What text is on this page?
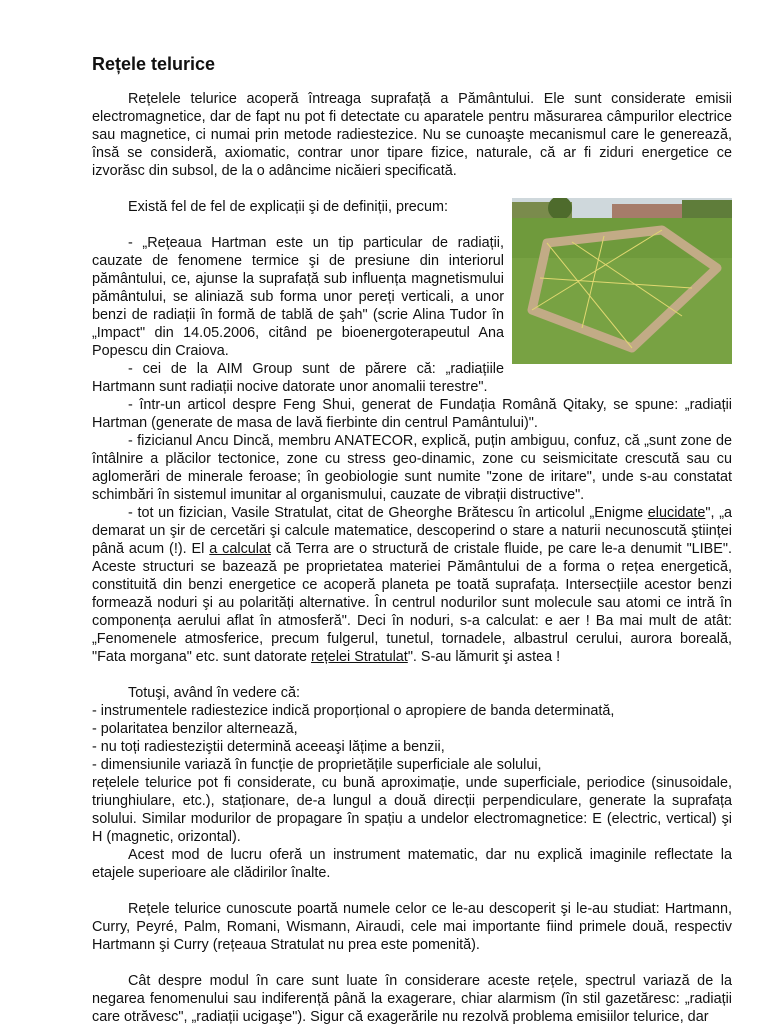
Rețele telurice

Rețelele telurice acoperă întreaga suprafață a Pământului. Ele sunt considerate emisii electromagnetice, dar de fapt nu pot fi detectate cu aparatele pentru măsurarea câmpurilor electrice sau magnetice, ci numai prin metode radiestezice. Nu se cunoaşte mecanismul care le generează, însă se consideră, axiomatic, contrar unor tipare fizice, naturale, că ar fi ziduri energetice ce izvorăsc din subsol, de la o adâncime nicăieri specificată.

Există fel de fel de explicații şi de definiții, precum:

- „Rețeaua Hartman este un tip particular de radiații, cauzate de fenomene termice şi de presiune din interiorul pământului, ce, ajunse la suprafață sub influența magnetismului pământului, se aliniază sub forma unor pereți verticali, a unor benzi de radiații în formă de tablă de şah" (scrie Alina Tudor în „Impact" din 14.05.2006, citând pe bioenergoterapeutul Ana Popescu din Craiova.

- cei de la AIM Group sunt de părere că: „radiațiile Hartmann sunt radiații nocive datorate unor anomalii terestre".

- într-un articol despre Feng Shui, generat de Fundația Română Qitaky, se spune: „radiații Hartman (generate de masa de lavă fierbinte din centrul Pamântului)".

- fizicianul Ancu Dincă, membru ANATECOR, explică, puțin ambiguu, confuz, că „sunt zone de întâlnire a plăcilor tectonice, zone cu stress geo-dinamic, zone cu seismicitate crescută sau cu aglomerări de minerale feroase; în geobiologie sunt numite "zone de iritare", unde s-au constatat schimbări în sistemul imunitar al organismului, cauzate de vibrații distructive".

- tot un fizician, Vasile Stratulat, citat de Gheorghe Brătescu în articolul „Enigme elucidate", „a demarat un şir de cercetări şi calcule matematice, descoperind o stare a naturii necunoscută ştiinței până acum (!). El a calculat că Terra are o structură de cristale fluide, pe care le-a denumit "LIBE". Aceste structuri se bazează pe proprietatea materiei Pământului de a forma o rețea energetică, constituită din benzi energetice ce acoperă planeta pe toată suprafața. Intersecțiile acestor benzi formează noduri şi au polarități alternative. În centrul nodurilor sunt molecule sau atomi ce intră în componența aerului aflat în atmosferă". Deci în noduri, s-a calculat: e aer ! Ba mai mult de atât: „Fenomenele atmosferice, precum fulgerul, tunetul, tornadele, albastrul cerului, aurora boreală, "Fata morgana" etc. sunt datorate rețelei Stratulat". S-au lămurit şi astea !

Totuşi, având în vedere că:

- instrumentele radiestezice indică proporțional o apropiere de banda determinată,

- polaritatea benzilor alternează,

- nu toți radiesteziştii determină aceeaşi lățime a benzii,

- dimensiunile variază în funcție de proprietățile superficiale ale solului,

rețelele telurice pot fi considerate, cu bună aproximație, unde superficiale, periodice (sinusoidale, triunghiulare, etc.), staționare, de-a lungul a două direcții perpendiculare, generate la suprafața solului. Similar modurilor de propagare în spațiu a undelor electromagnetice: E (electric, vertical) şi H (magnetic, orizontal).

Acest mod de lucru oferă un instrument matematic, dar nu explică imaginile reflectate la etajele superioare ale clădirilor înalte.

Rețele telurice cunoscute poartă numele celor ce le-au descoperit şi le-au studiat: Hartmann, Curry, Peyré, Palm, Romani, Wismann, Airaudi, cele mai importante fiind primele două, respectiv Hartmann şi Curry (rețeaua Stratulat nu prea este pomenită).

Cât despre modul în care sunt luate în considerare aceste rețele, spectrul variază de la negarea fenomenului sau indiferență până la exagerare, chiar alarmism (în stil gazetăresc: „radiații care otrăvesc", „radiații ucigaşe"). Sigur că exagerările nu rezolvă problema emisiilor telurice, dar
